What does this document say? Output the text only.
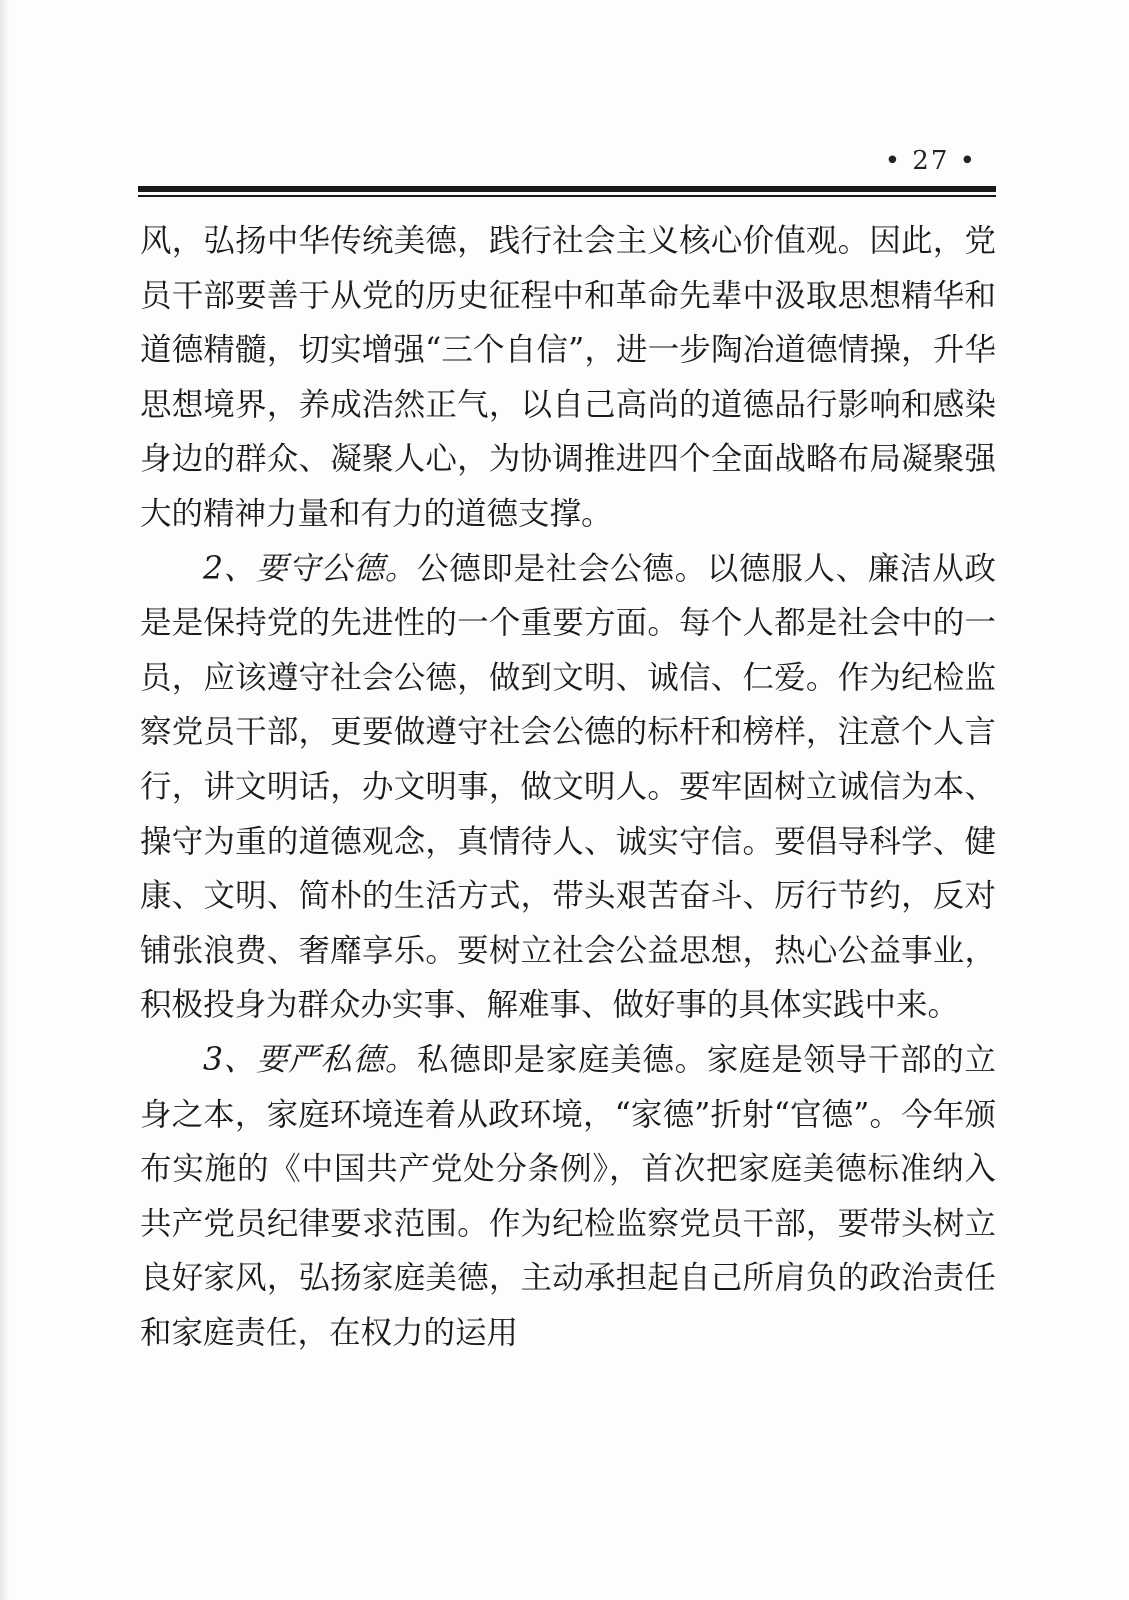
• 27 •

风，弘扬中华传统美德，践行社会主义核心价值观。因此，党员干部要善于从党的历史征程中和革命先辈中汲取思想精华和道德精髓，切实增强“三个自信”，进一步陶冶道德情操，升华思想境界，养成浩然正气，以自己高尚的道德品行影响和感染身边的群众、凝聚人心，为协调推进四个全面战略布局凝聚强大的精神力量和有力的道德支撑。

2、要守公德。公德即是社会公德。以德服人、廉洁从政是是保持党的先进性的一个重要方面。每个人都是社会中的一员，应该遵守社会公德，做到文明、诚信、仁爱。作为纪检监察党员干部，更要做遵守社会公德的标杆和榜样，注意个人言行，讲文明话，办文明事，做文明人。要牢固树立诚信为本、操守为重的道德观念，真情待人、诚实守信。要倡导科学、健康、文明、简朴的生活方式，带头艰苦奋斗、厉行节约，反对铺张浪费、奢靡享乐。要树立社会公益思想，热心公益事业，积极投身为群众办实事、解难事、做好事的具体实践中来。

3、要严私德。私德即是家庭美德。家庭是领导干部的立身之本，家庭环境连着从政环境，“家德”折射“官德”。今年颁布实施的《中国共产党处分条例》，首次把家庭美德标准纳入共产党员纪律要求范围。作为纪检监察党员干部，要带头树立良好家风，弘扬家庭美德，主动承担起自己所肩负的政治责任和家庭责任，在权力的运用
